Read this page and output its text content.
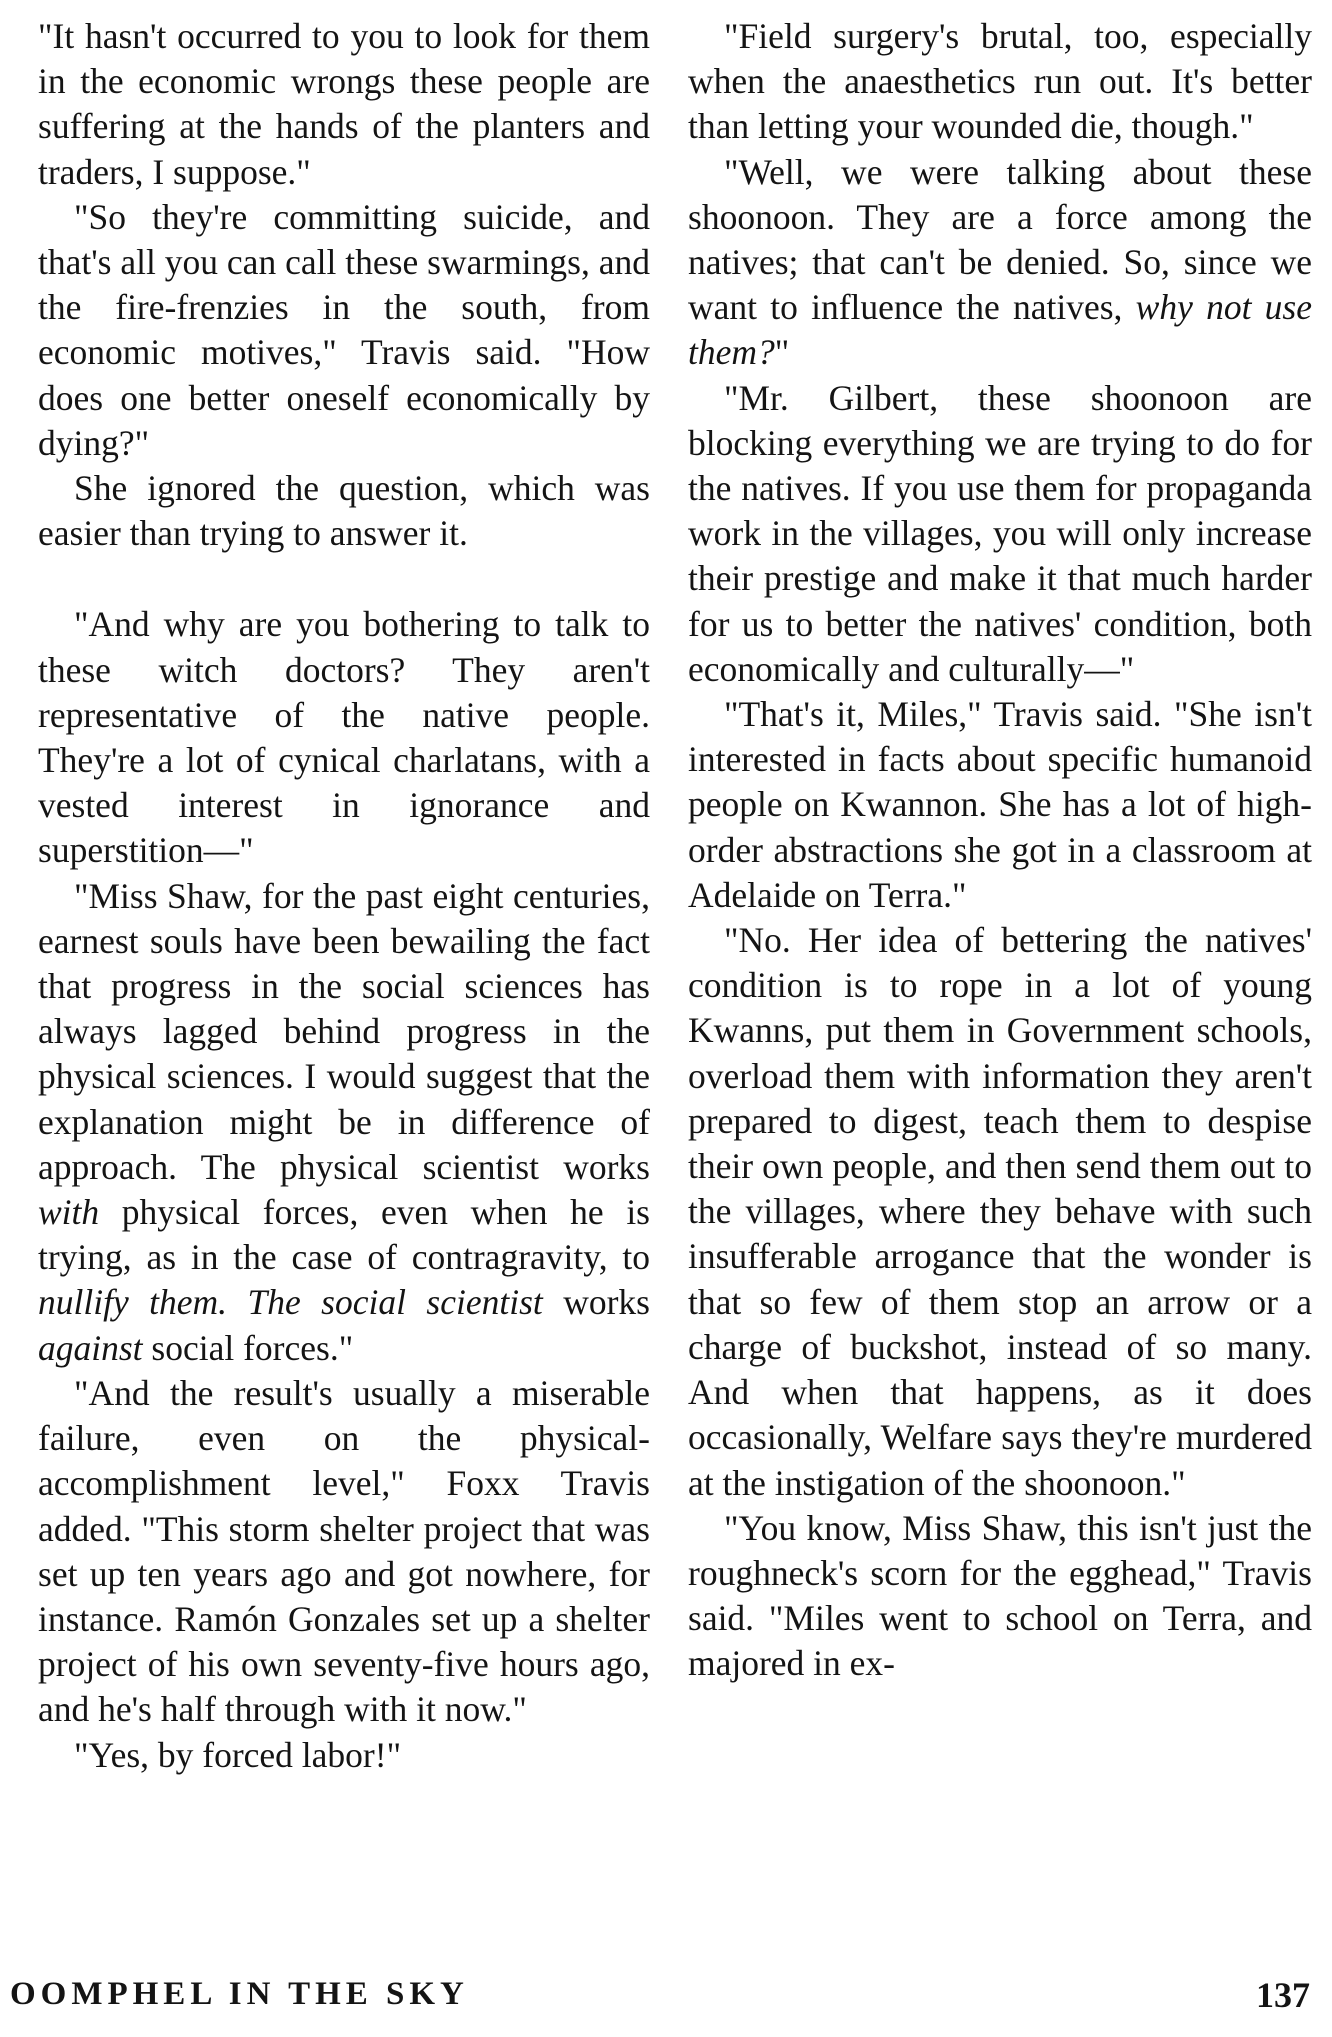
"It hasn't occurred to you to look for them in the economic wrongs these people are suffering at the hands of the planters and traders, I suppose."

"So they're committing suicide, and that's all you can call these swarmings, and the fire-frenzies in the south, from economic motives," Travis said. "How does one better oneself economically by dying?"

She ignored the question, which was easier than trying to answer it.

"And why are you bothering to talk to these witch doctors? They aren't representative of the native people. They're a lot of cynical charlatans, with a vested interest in ignorance and superstition—"

"Miss Shaw, for the past eight centuries, earnest souls have been bewailing the fact that progress in the social sciences has always lagged behind progress in the physical sciences. I would suggest that the explanation might be in difference of approach. The physical scientist works with physical forces, even when he is trying, as in the case of contragravity, to nullify them. The social scientist works against social forces."

"And the result's usually a miserable failure, even on the physical-accomplishment level," Foxx Travis added. "This storm shelter project that was set up ten years ago and got nowhere, for instance. Ramón Gonzales set up a shelter project of his own seventy-five hours ago, and he's half through with it now."

"Yes, by forced labor!"

"Field surgery's brutal, too, especially when the anaesthetics run out. It's better than letting your wounded die, though."

"Well, we were talking about these shoonoon. They are a force among the natives; that can't be denied. So, since we want to influence the natives, why not use them?"

"Mr. Gilbert, these shoonoon are blocking everything we are trying to do for the natives. If you use them for propaganda work in the villages, you will only increase their prestige and make it that much harder for us to better the natives' condition, both economically and culturally—"

"That's it, Miles," Travis said. "She isn't interested in facts about specific humanoid people on Kwannon. She has a lot of high-order abstractions she got in a classroom at Adelaide on Terra."

"No. Her idea of bettering the natives' condition is to rope in a lot of young Kwanns, put them in Government schools, overload them with information they aren't prepared to digest, teach them to despise their own people, and then send them out to the villages, where they behave with such insufferable arrogance that the wonder is that so few of them stop an arrow or a charge of buckshot, instead of so many. And when that happens, as it does occasionally, Welfare says they're murdered at the instigation of the shoonoon."

"You know, Miss Shaw, this isn't just the roughneck's scorn for the egghead," Travis said. "Miles went to school on Terra, and majored in ex-

OOMPHEL IN THE SKY	137
